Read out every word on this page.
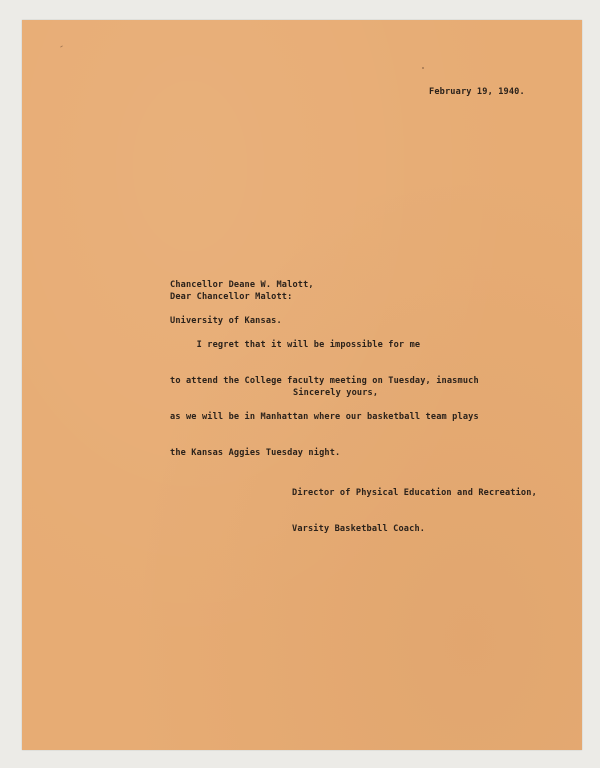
February 19, 1940.

Chancellor Deane W. Malott,

University of Kansas.

Dear Chancellor Malott:

I regret that it will be impossible for me

to attend the College faculty meeting on Tuesday, inasmuch

as we will be in Manhattan where our basketball team plays

the Kansas Aggies Tuesday night.

Sincerely yours,

Director of Physical Education and Recreation,

Varsity Basketball Coach.
